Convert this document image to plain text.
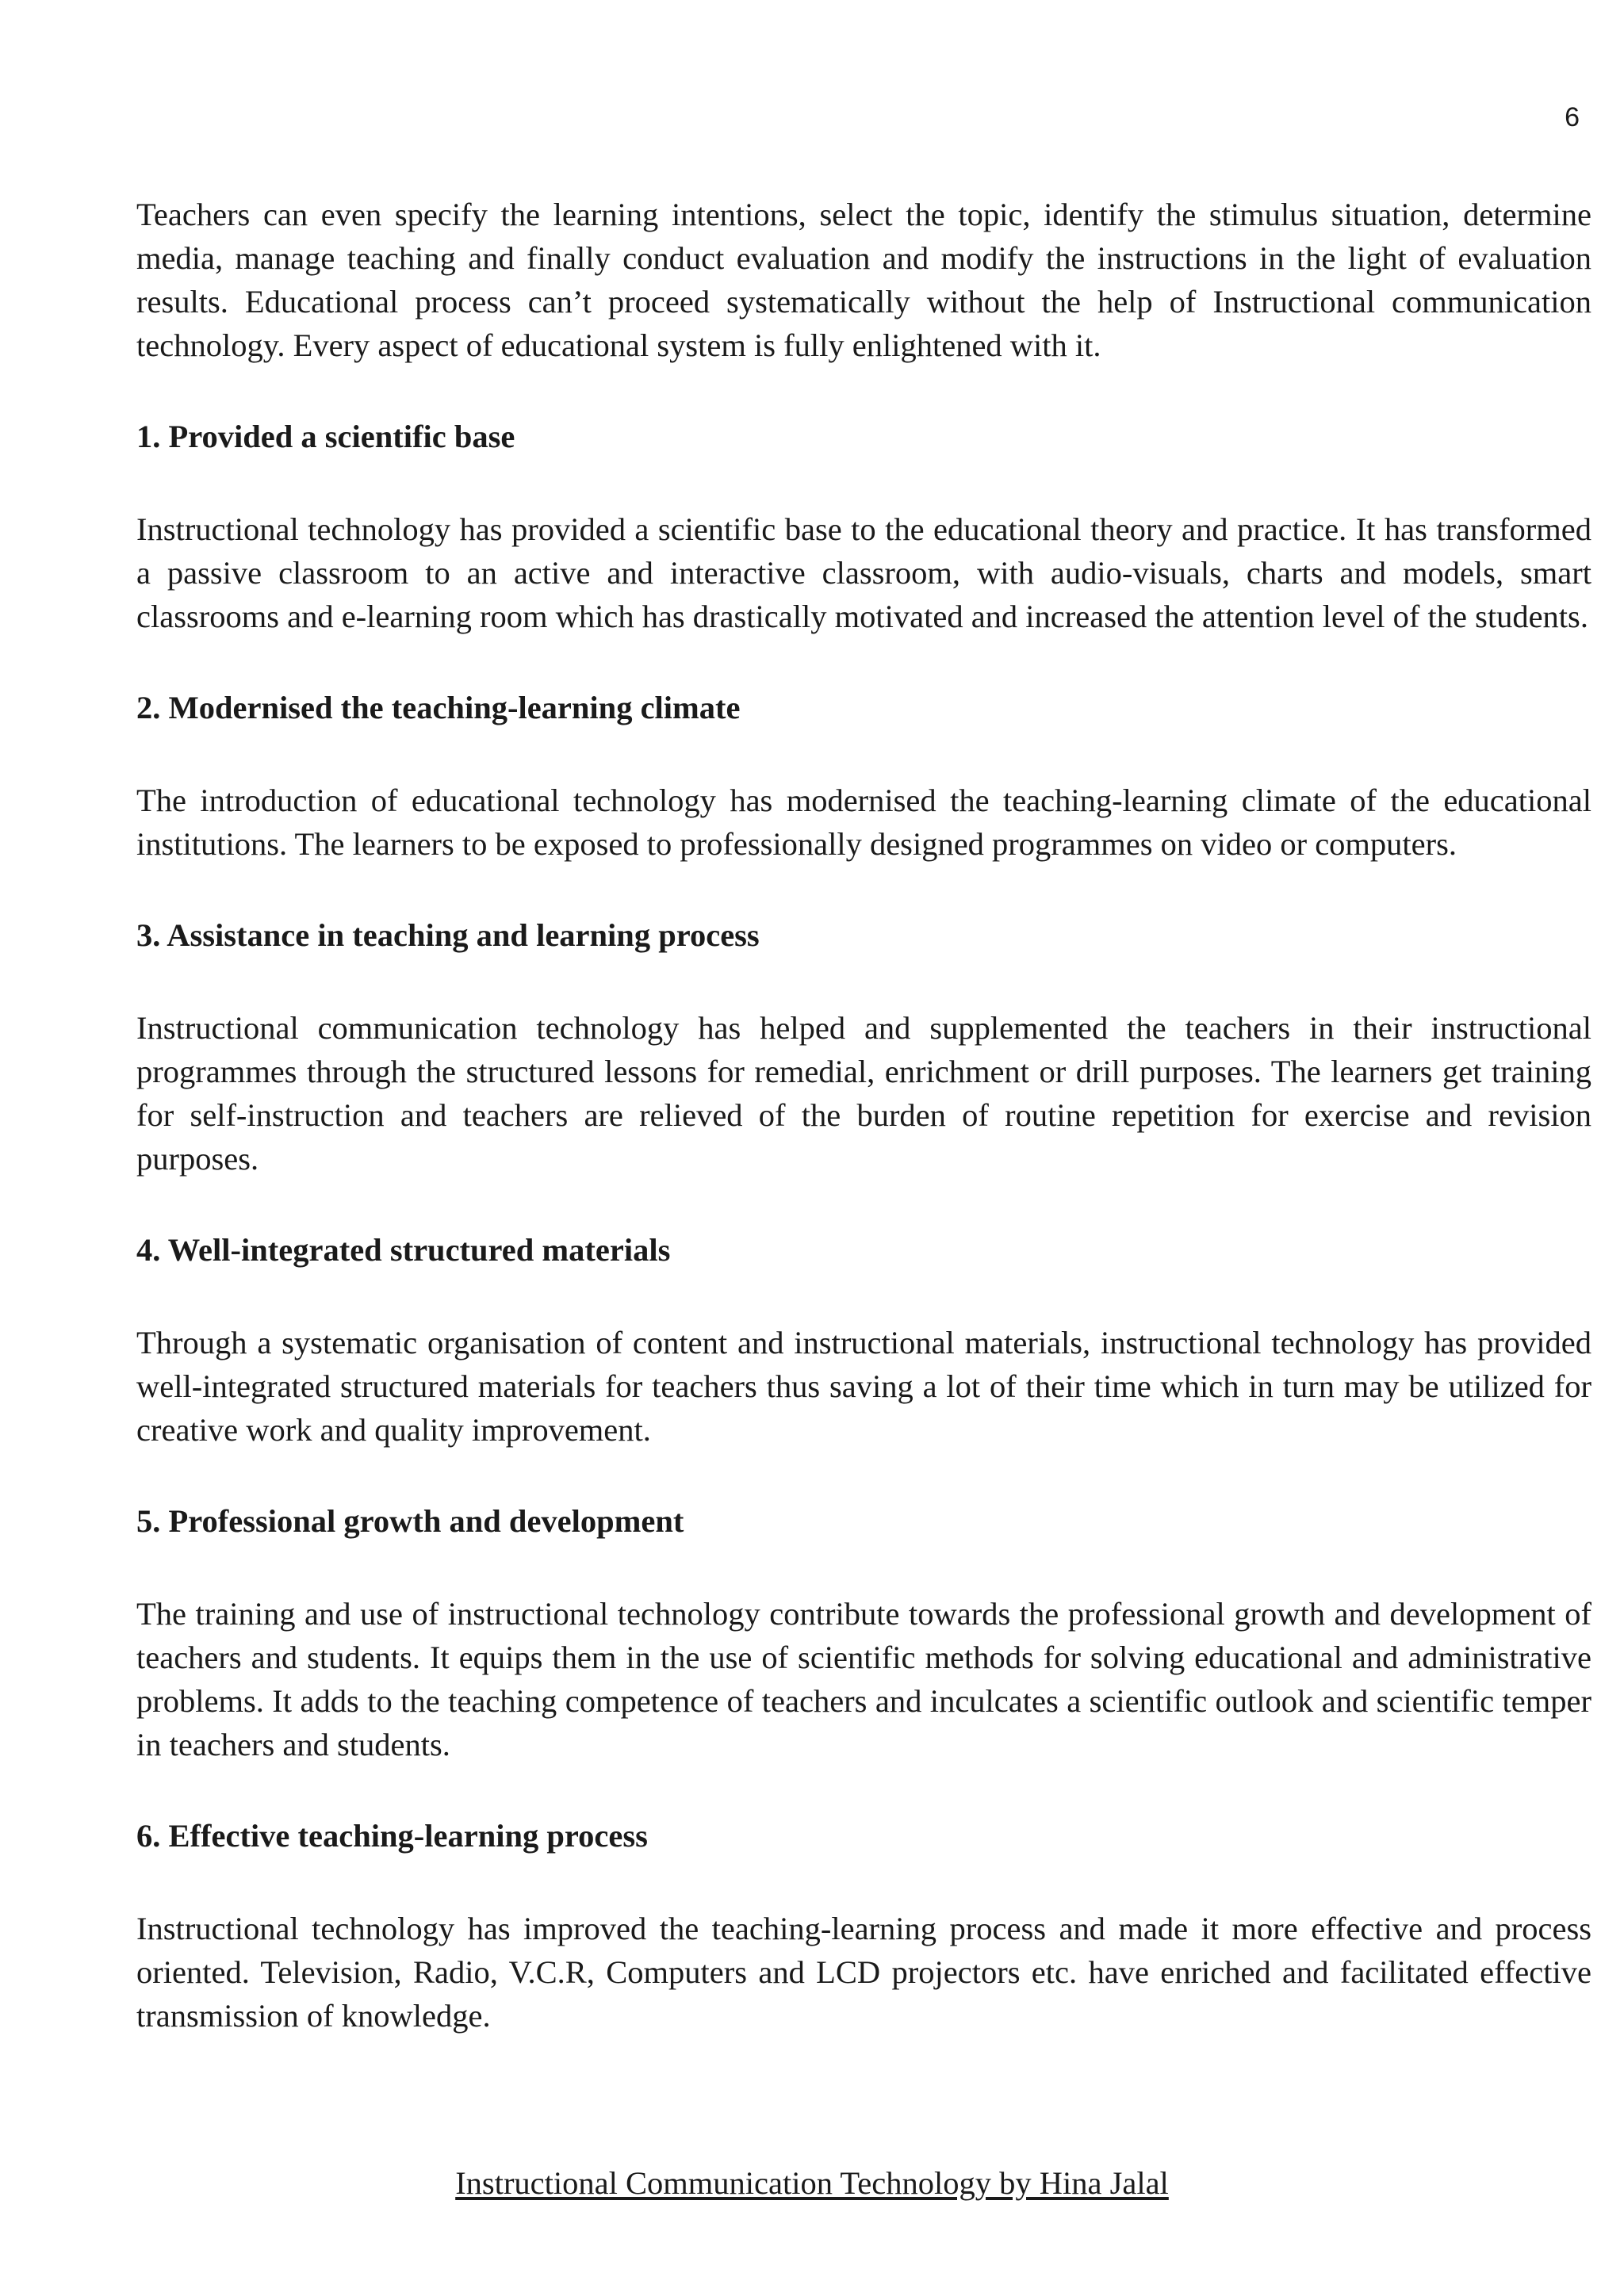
6

Teachers can even specify the learning intentions, select the topic, identify the stimulus situation, determine media, manage teaching and finally conduct evaluation and modify the instructions in the light of evaluation results. Educational process can’t proceed systematically without the help of Instructional communication technology. Every aspect of educational system is fully enlightened with it.

1. Provided a scientific base

Instructional technology has provided a scientific base to the educational theory and practice. It has transformed a passive classroom to an active and interactive classroom, with audio-visuals, charts and models, smart classrooms and e-learning room which has drastically motivated and increased the attention level of the students.

2. Modernised the teaching-learning climate

The introduction of educational technology has modernised the teaching-learning climate of the educational institutions. The learners to be exposed to professionally designed programmes on video or computers.

3. Assistance in teaching and learning process

Instructional communication technology has helped and supplemented the teachers in their instructional programmes through the structured lessons for remedial, enrichment or drill purposes. The learners get training for self-instruction and teachers are relieved of the burden of routine repetition for exercise and revision purposes.

4. Well-integrated structured materials

Through a systematic organisation of content and instructional materials, instructional technology has provided well-integrated structured materials for teachers thus saving a lot of their time which in turn may be utilized for creative work and quality improvement.

5. Professional growth and development

The training and use of instructional technology contribute towards the professional growth and development of teachers and students. It equips them in the use of scientific methods for solving educational and administrative problems. It adds to the teaching competence of teachers and inculcates a scientific outlook and scientific temper in teachers and students.

6. Effective teaching-learning process

Instructional technology has improved the teaching-learning process and made it more effective and process oriented. Television, Radio, V.C.R, Computers and LCD projectors etc. have enriched and facilitated effective transmission of knowledge.

Instructional Communication Technology by Hina Jalal
